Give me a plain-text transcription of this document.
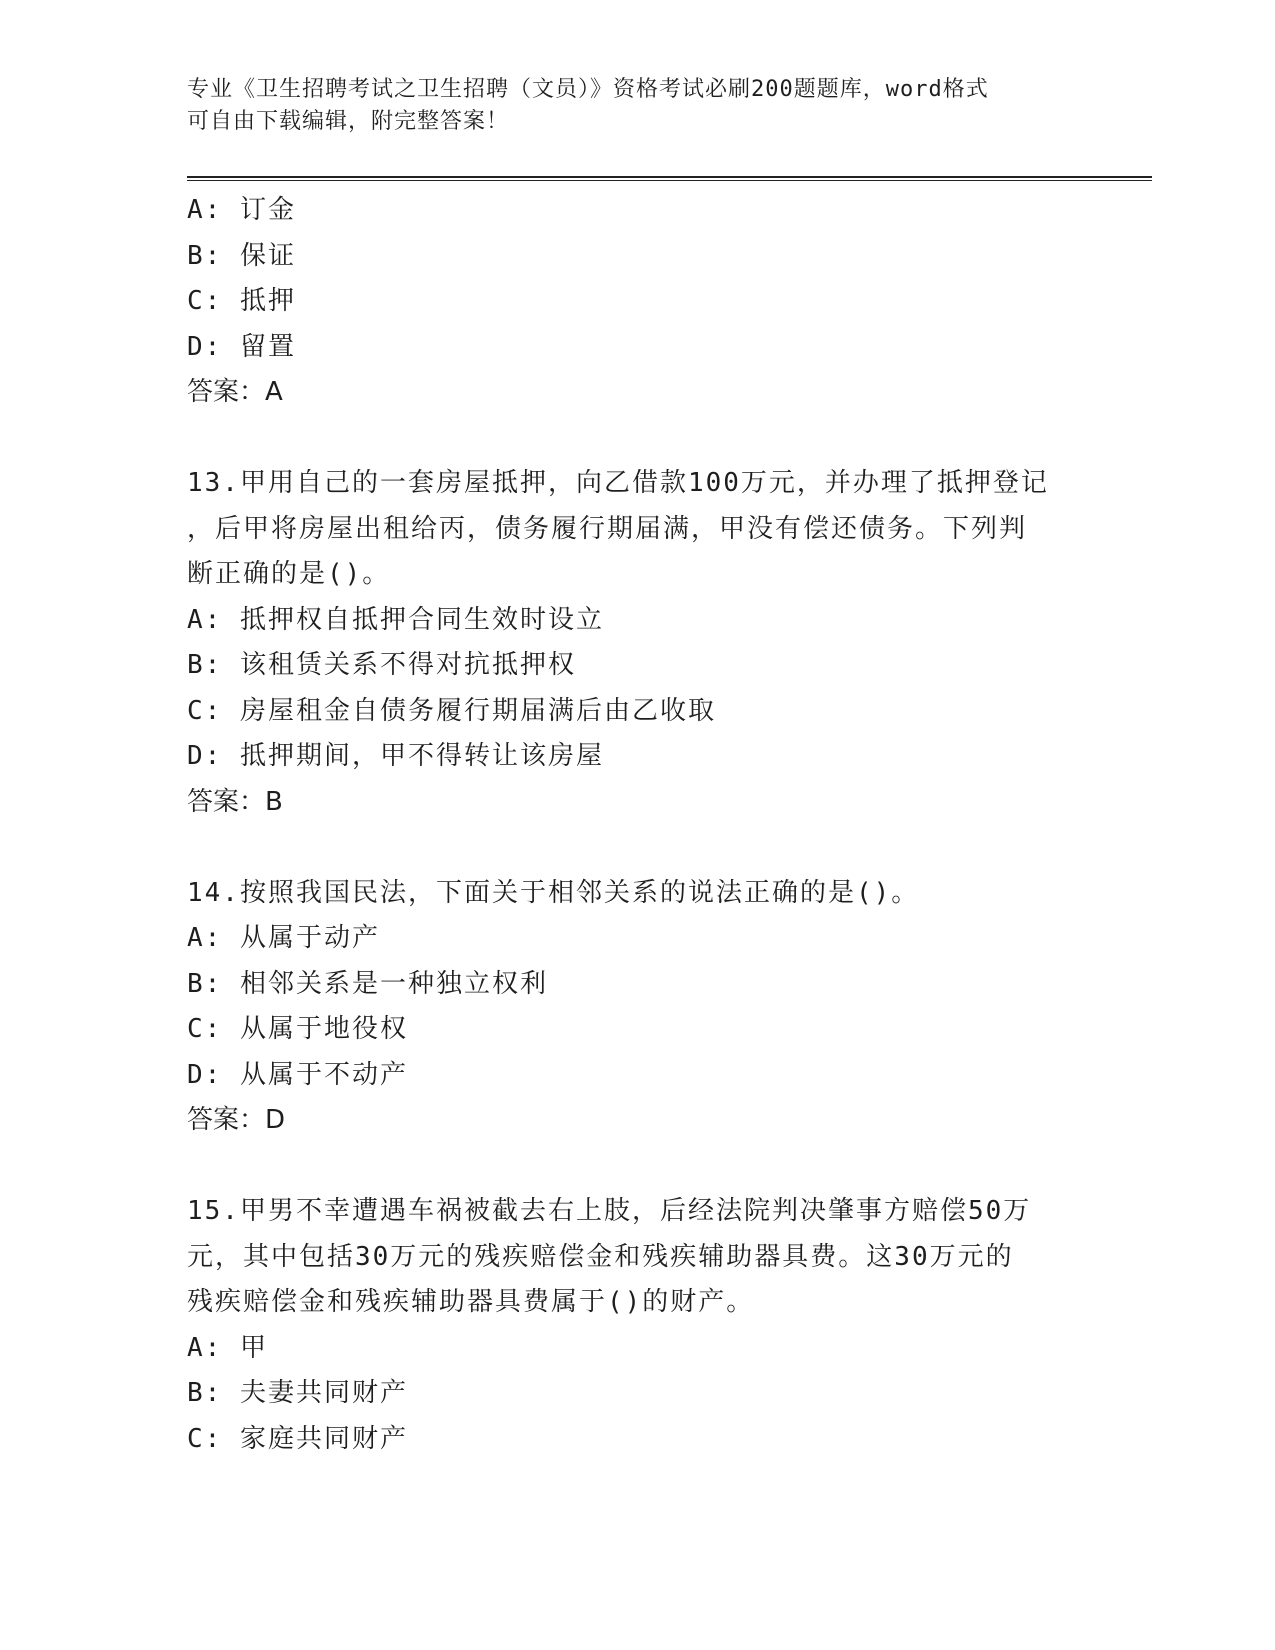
专业《卫生招聘考试之卫生招聘（文员）》资格考试必刷200题题库，word格式
可自由下载编辑，附完整答案！
A: 订金
B: 保证
C: 抵押
D: 留置
答案：A
13.甲用自己的一套房屋抵押，向乙借款100万元，并办理了抵押登记
，后甲将房屋出租给丙，债务履行期届满，甲没有偿还债务。下列判
断正确的是()。
A: 抵押权自抵押合同生效时设立
B: 该租赁关系不得对抗抵押权
C: 房屋租金自债务履行期届满后由乙收取
D: 抵押期间，甲不得转让该房屋
答案：B
14.按照我国民法，下面关于相邻关系的说法正确的是()。
A: 从属于动产
B: 相邻关系是一种独立权利
C: 从属于地役权
D: 从属于不动产
答案：D
15.甲男不幸遭遇车祸被截去右上肢，后经法院判决肇事方赔偿50万
元，其中包括30万元的残疾赔偿金和残疾辅助器具费。这30万元的
残疾赔偿金和残疾辅助器具费属于()的财产。
A: 甲
B: 夫妻共同财产
C: 家庭共同财产
